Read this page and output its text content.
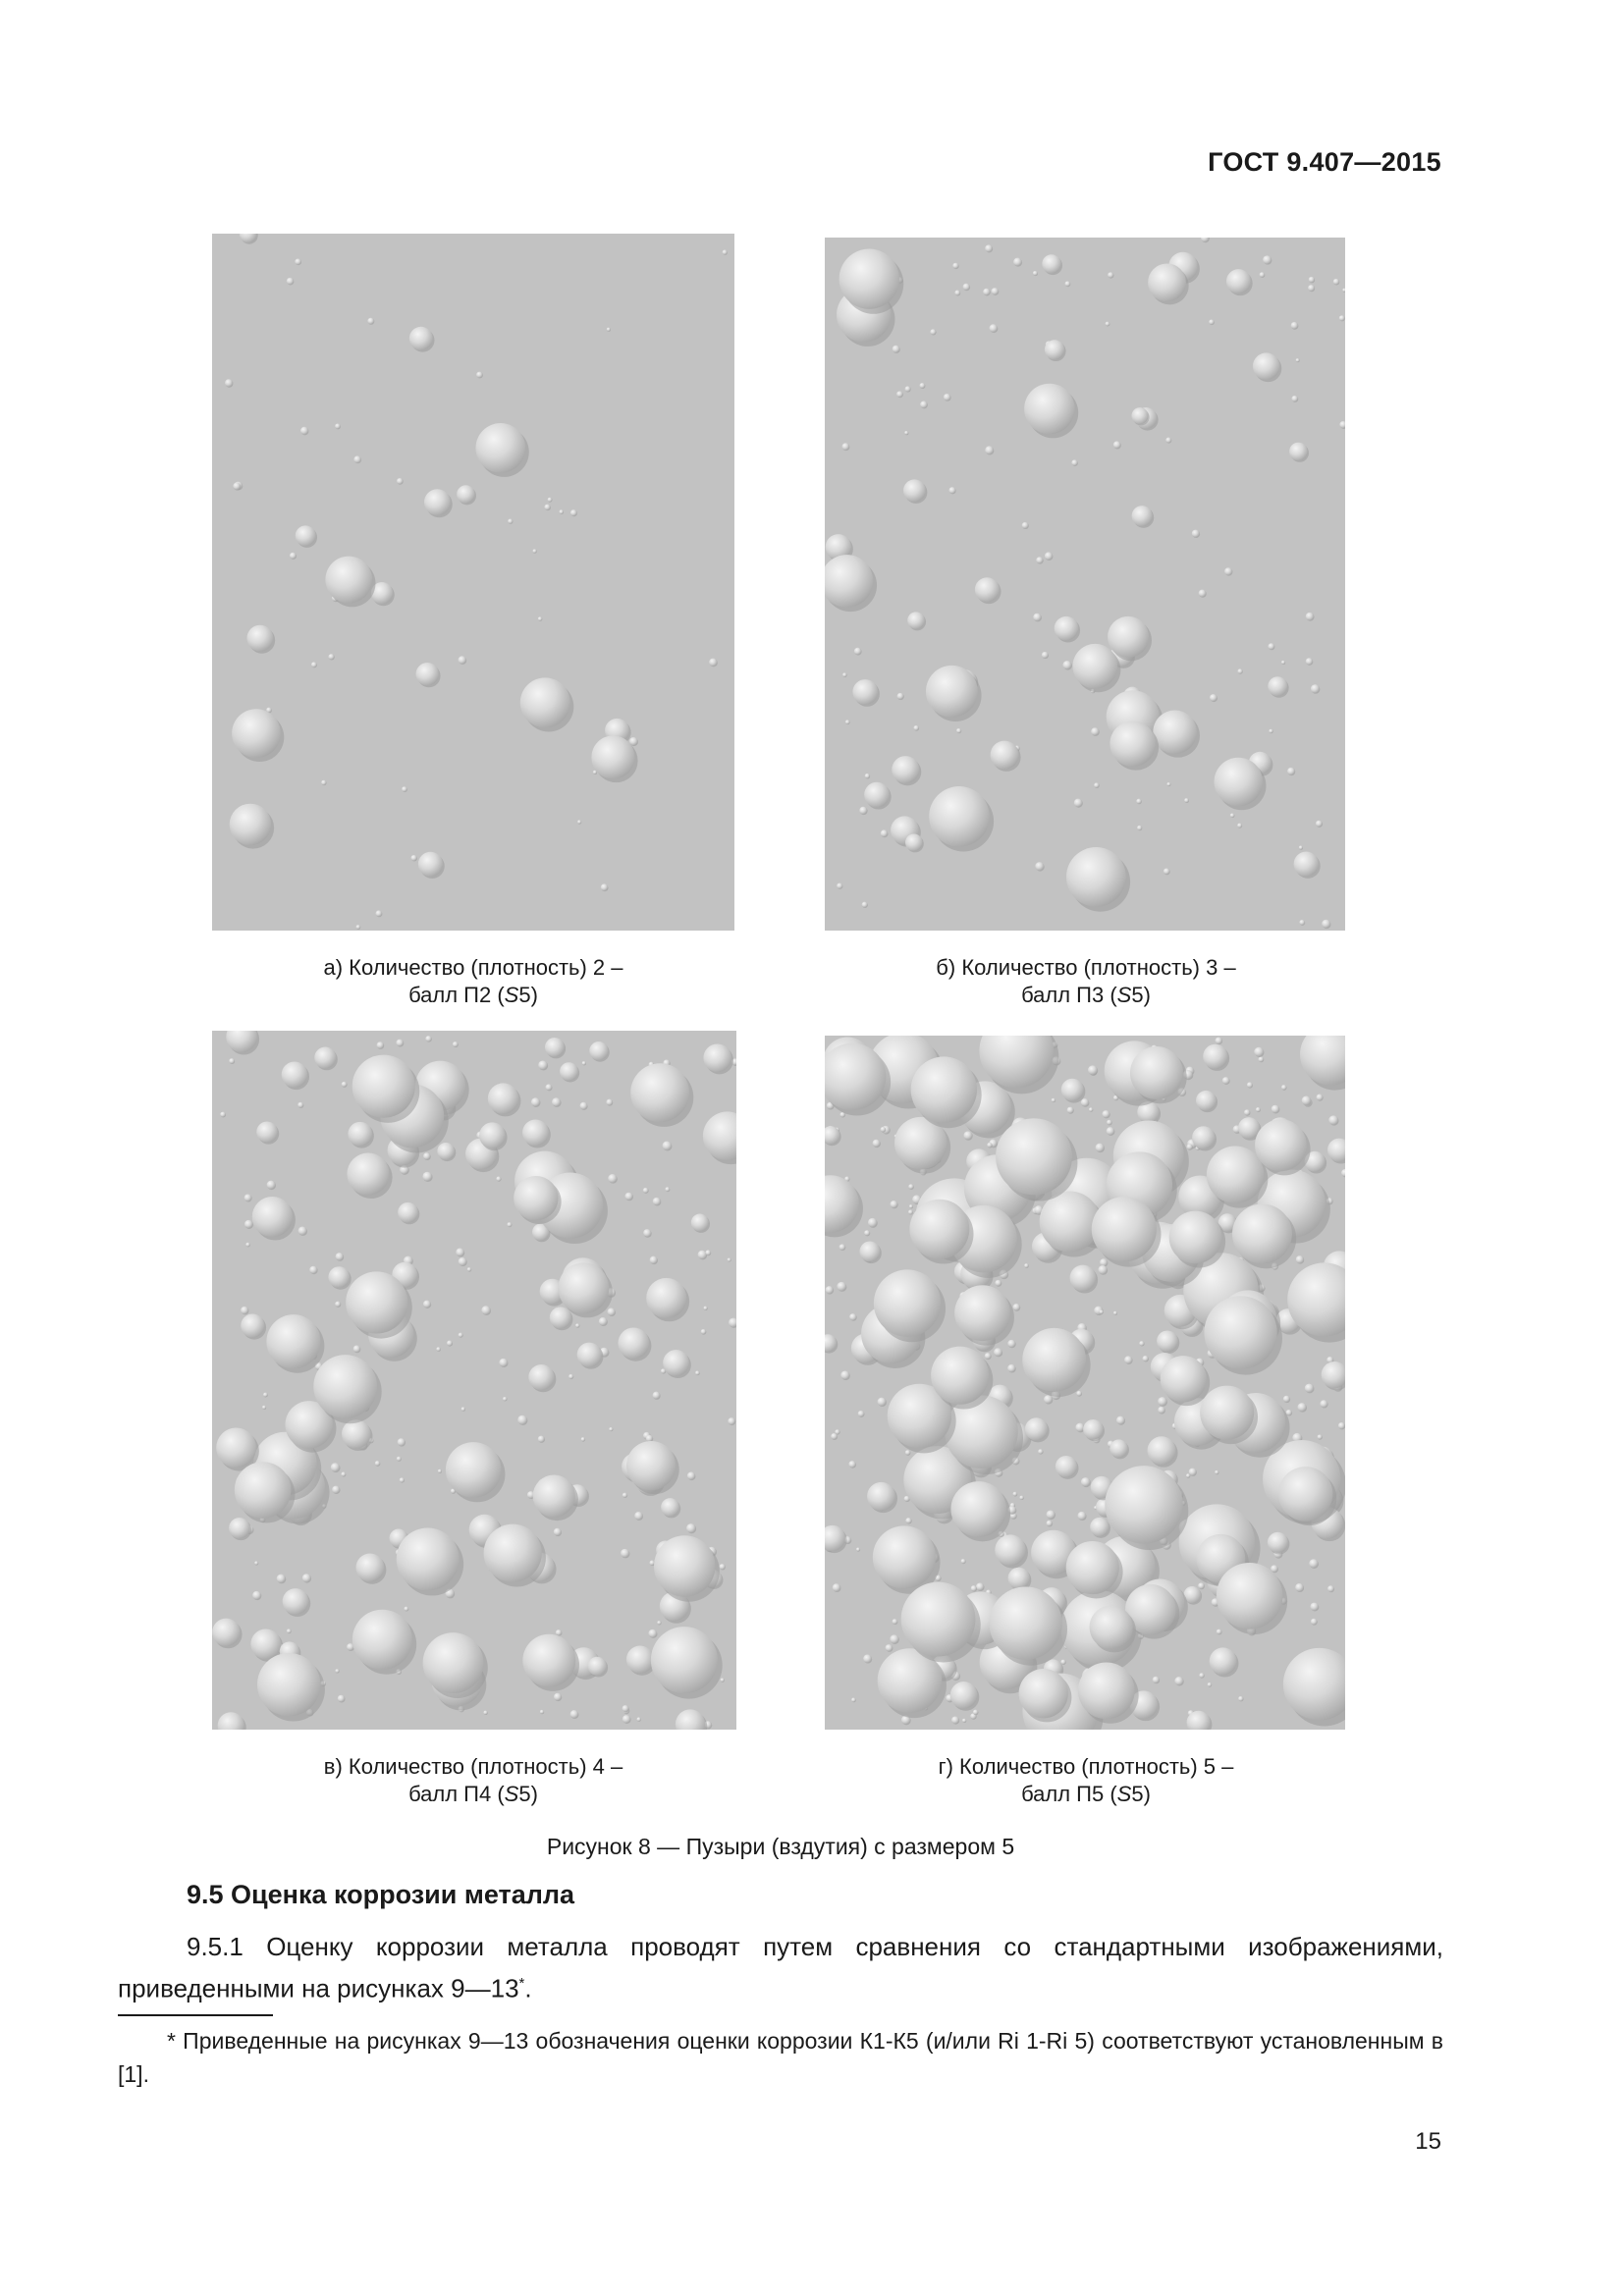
ГОСТ 9.407—2015
а) Количество (плотность) 2 –
балл П2 (S5)
б) Количество (плотность) 3 –
балл П3 (S5)
в) Количество (плотность) 4 –
балл П4 (S5)
г) Количество (плотность) 5 –
балл П5 (S5)
Рисунок 8 — Пузыри (вздутия) с размером 5
9.5 Оценка коррозии металла
9.5.1 Оценку коррозии металла проводят путем сравнения со стандартными изображениями, приведенными на рисунках 9—13*.
* Приведенные на рисунках 9—13 обозначения оценки коррозии К1-К5 (и/или Ri 1-Ri 5) соответствуют установленным в [1].
15
